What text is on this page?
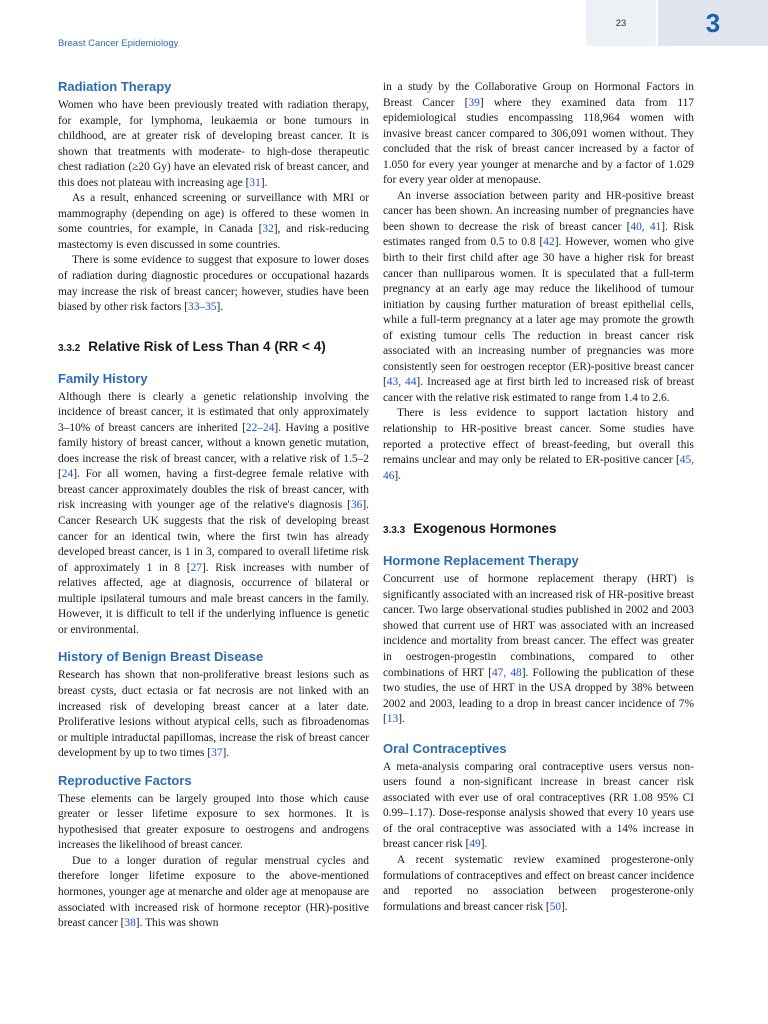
Breast Cancer Epidemiology
23	3
Radiation Therapy

Women who have been previously treated with radiation therapy, for example, for lymphoma, leukaemia or bone tumours in childhood, are at greater risk of developing breast cancer. It is shown that treatments with moderate- to high-dose therapeutic chest radiation (≥20 Gy) have an elevated risk of breast cancer, and this does not plateau with increasing age [31].

As a result, enhanced screening or surveillance with MRI or mammography (depending on age) is offered to these women in some countries, for example, in Canada [32], and risk-reducing mastectomy is even discussed in some countries.

There is some evidence to suggest that exposure to lower doses of radiation during diagnostic procedures or occupational hazards may increase the risk of breast cancer; however, studies have been biased by other risk factors [33–35].

3.3.2 Relative Risk of Less Than 4 (RR < 4)
Family History

Although there is clearly a genetic relationship involving the incidence of breast cancer, it is estimated that only approximately 3–10% of breast cancers are inherited [22–24]. Having a positive family history of breast cancer, without a known genetic mutation, does increase the risk of breast cancer, with a relative risk of 1.5–2 [24]. For all women, having a first-degree female relative with breast cancer approximately doubles the risk of breast cancer, with risk increasing with younger age of the relative's diagnosis [36]. Cancer Research UK suggests that the risk of developing breast cancer for an identical twin, where the first twin has already developed breast cancer, is 1 in 3, compared to overall lifetime risk of approximately 1 in 8 [27]. Risk increases with number of relatives affected, age at diagnosis, occurrence of bilateral or multiple ipsilateral tumours and male breast cancers in the family. However, it is difficult to tell if the underlying influence is genetic or environmental.

History of Benign Breast Disease

Research has shown that non-proliferative breast lesions such as breast cysts, duct ectasia or fat necrosis are not linked with an increased risk of developing breast cancer at a later date. Proliferative lesions without atypical cells, such as fibroadenomas or multiple intraductal papillomas, increase the risk of breast cancer development by up to two times [37].

Reproductive Factors

These elements can be largely grouped into those which cause greater or lesser lifetime exposure to sex hormones. It is hypothesised that greater exposure to oestrogens and androgens increases the likelihood of breast cancer.

Due to a longer duration of regular menstrual cycles and therefore longer lifetime exposure to the above-mentioned hormones, younger age at menarche and older age at menopause are associated with increased risk of hormone receptor (HR)-positive breast cancer [38]. This was shown

in a study by the Collaborative Group on Hormonal Factors in Breast Cancer [39] where they examined data from 117 epidemiological studies encompassing 118,964 women with invasive breast cancer compared to 306,091 women without. They concluded that the risk of breast cancer increased by a factor of 1.050 for every year younger at menarche and by a factor of 1.029 for every year older at menopause.

An inverse association between parity and HR-positive breast cancer has been shown. An increasing number of pregnancies have been shown to decrease the risk of breast cancer [40, 41]. Risk estimates ranged from 0.5 to 0.8 [42]. However, women who give birth to their first child after age 30 have a higher risk for breast cancer than nulliparous women. It is speculated that a full-term pregnancy at an early age may reduce the likelihood of tumour initiation by causing further maturation of breast epithelial cells, while a full-term pregnancy at a later age may promote the growth of existing tumour cells The reduction in breast cancer risk associated with an increasing number of pregnancies was more consistently seen for oestrogen receptor (ER)-positive breast cancer [43, 44]. Increased age at first birth led to increased risk of breast cancer with the relative risk estimated to range from 1.4 to 2.6.

There is less evidence to support lactation history and relationship to HR-positive breast cancer. Some studies have reported a protective effect of breast-feeding, but overall this remains unclear and may only be related to ER-positive cancer [45, 46].

3.3.3 Exogenous Hormones
Hormone Replacement Therapy

Concurrent use of hormone replacement therapy (HRT) is significantly associated with an increased risk of HR-positive breast cancer. Two large observational studies published in 2002 and 2003 showed that current use of HRT was associated with an increased incidence and mortality from breast cancer. The effect was greater in oestrogen-progestin combinations, compared to other combinations of HRT [47, 48]. Following the publication of these two studies, the use of HRT in the USA dropped by 38% between 2002 and 2003, leading to a drop in breast cancer incidence of 7% [13].

Oral Contraceptives

A meta-analysis comparing oral contraceptive users versus non-users found a non-significant increase in breast cancer risk associated with ever use of oral contraceptives (RR 1.08 95% CI 0.99–1.17). Dose-response analysis showed that every 10 years use of the oral contraceptive was associated with a 14% increase in breast cancer risk [49].

A recent systematic review examined progesterone-only formulations of contraceptives and effect on breast cancer incidence and reported no association between progesterone-only formulations and breast cancer risk [50].
